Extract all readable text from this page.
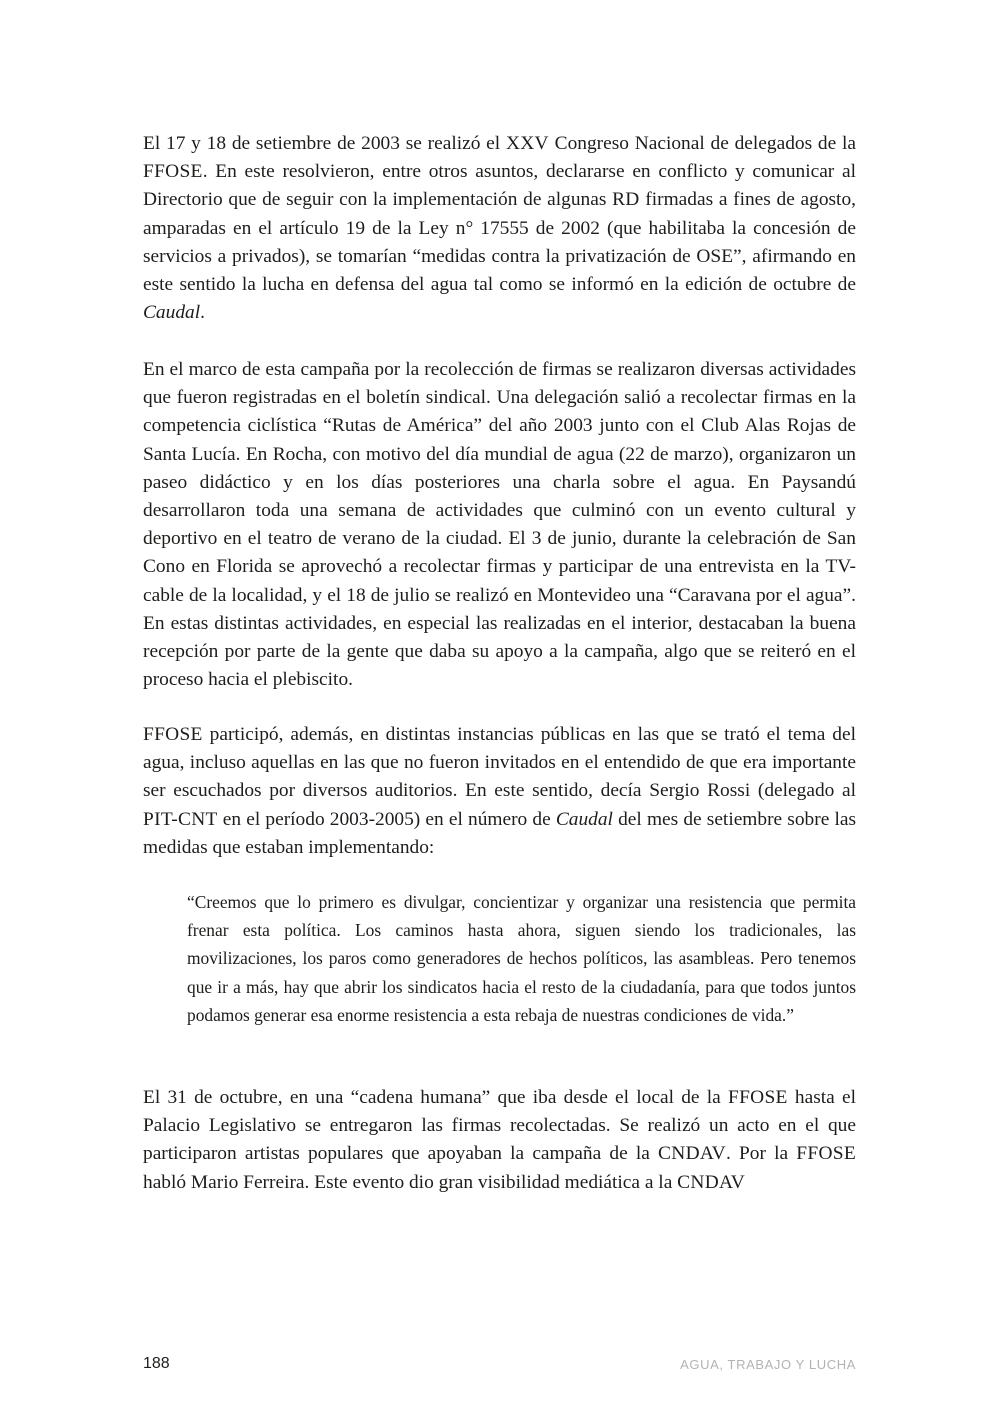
El 17 y 18 de setiembre de 2003 se realizó el XXV Congreso Nacional de delegados de la FFOSE. En este resolvieron, entre otros asuntos, declararse en conflicto y comunicar al Directorio que de seguir con la implementación de algunas RD firmadas a fines de agosto, amparadas en el artículo 19 de la Ley n° 17555 de 2002 (que habilitaba la concesión de servicios a privados), se tomarían “medidas contra la privatización de OSE”, afirmando en este sentido la lucha en defensa del agua tal como se informó en la edición de octubre de Caudal.

En el marco de esta campaña por la recolección de firmas se realizaron diversas actividades que fueron registradas en el boletín sindical. Una delegación salió a recolectar firmas en la competencia ciclística “Rutas de América” del año 2003 junto con el Club Alas Rojas de Santa Lucía. En Rocha, con motivo del día mundial de agua (22 de marzo), organizaron un paseo didáctico y en los días posteriores una charla sobre el agua. En Paysandú desarrollaron toda una semana de actividades que culminó con un evento cultural y deportivo en el teatro de verano de la ciudad. El 3 de junio, durante la celebración de San Cono en Florida se aprovechó a recolectar firmas y participar de una entrevista en la TV-cable de la localidad, y el 18 de julio se realizó en Montevideo una “Caravana por el agua”. En estas distintas actividades, en especial las realizadas en el interior, destacaban la buena recepción por parte de la gente que daba su apoyo a la campaña, algo que se reiteró en el proceso hacia el plebiscito.

FFOSE participó, además, en distintas instancias públicas en las que se trató el tema del agua, incluso aquellas en las que no fueron invitados en el entendido de que era importante ser escuchados por diversos auditorios. En este sentido, decía Sergio Rossi (delegado al PIT-CNT en el período 2003-2005) en el número de Caudal del mes de setiembre sobre las medidas que estaban implementando:

“Creemos que lo primero es divulgar, concientizar y organizar una resistencia que permita frenar esta política. Los caminos hasta ahora, siguen siendo los tradicionales, las movilizaciones, los paros como generadores de hechos políticos, las asambleas. Pero tenemos que ir a más, hay que abrir los sindicatos hacia el resto de la ciudadanía, para que todos juntos podamos generar esa enorme resistencia a esta rebaja de nuestras condiciones de vida.”

El 31 de octubre, en una “cadena humana” que iba desde el local de la FFOSE hasta el Palacio Legislativo se entregaron las firmas recolectadas. Se realizó un acto en el que participaron artistas populares que apoyaban la campaña de la CNDAV. Por la FFOSE habló Mario Ferreira. Este evento dio gran visibilidad mediática a la CNDAV

188	AGUA, TRABAJO Y LUCHA
